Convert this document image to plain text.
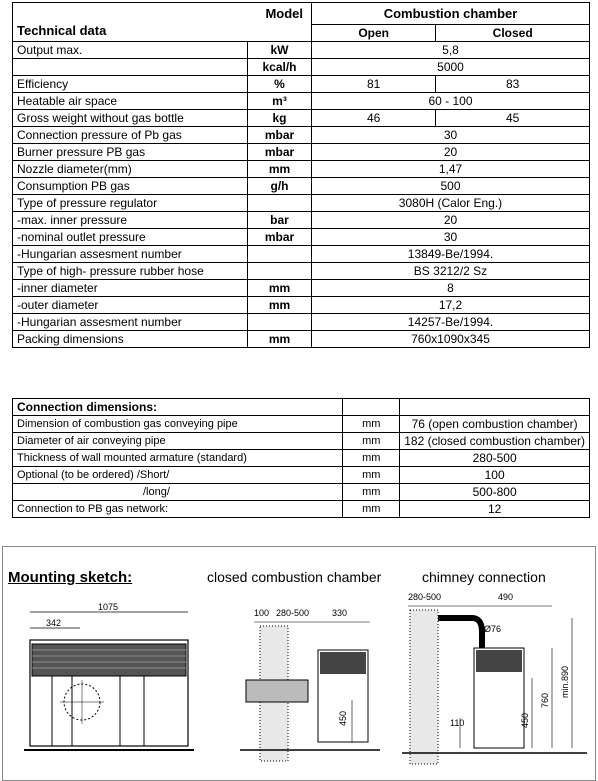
Model
Technical data		Combustion chamber	
		Open	Closed
Output max.	kW	5,8	
	kcal/h	5000	
Efficiency	%	81	83
Heatable air space	m³	60 - 100	
Gross weight without gas bottle	kg	46	45
Connection pressure of Pb gas	mbar	30	
Burner pressure PB gas	mbar	20	
Nozzle diameter(mm)	mm	1,47	
Consumption PB gas	g/h	500	
Type of pressure regulator		3080H (Calor Eng.)	
-max. inner pressure	bar	20	
-nominal outlet pressure	mbar	30	
-Hungarian assesment number		13849-Be/1994.	
Type of high- pressure rubber hose		BS 3212/2 Sz	
-inner diameter	mm	8	
-outer diameter	mm	17,2	
-Hungarian assesment number		14257-Be/1994.	
Packing dimensions	mm	760x1090x345	
Connection dimensions:		
Dimension of combustion gas conveying pipe	mm	76 (open combustion chamber)
Diameter of air conveying pipe	mm	182 (closed combustion chamber)
Thickness of wall mounted armature (standard)	mm	280-500
Optional (to be ordered) /Short/	mm	100
/long/	mm	500-800
Connection to PB gas network:	mm	12
Mounting sketch:	closed combustion chamber	chimney connection
1075
342
100 280-500	330
450
280-500	490
Ø76
110	450
760
min.890
